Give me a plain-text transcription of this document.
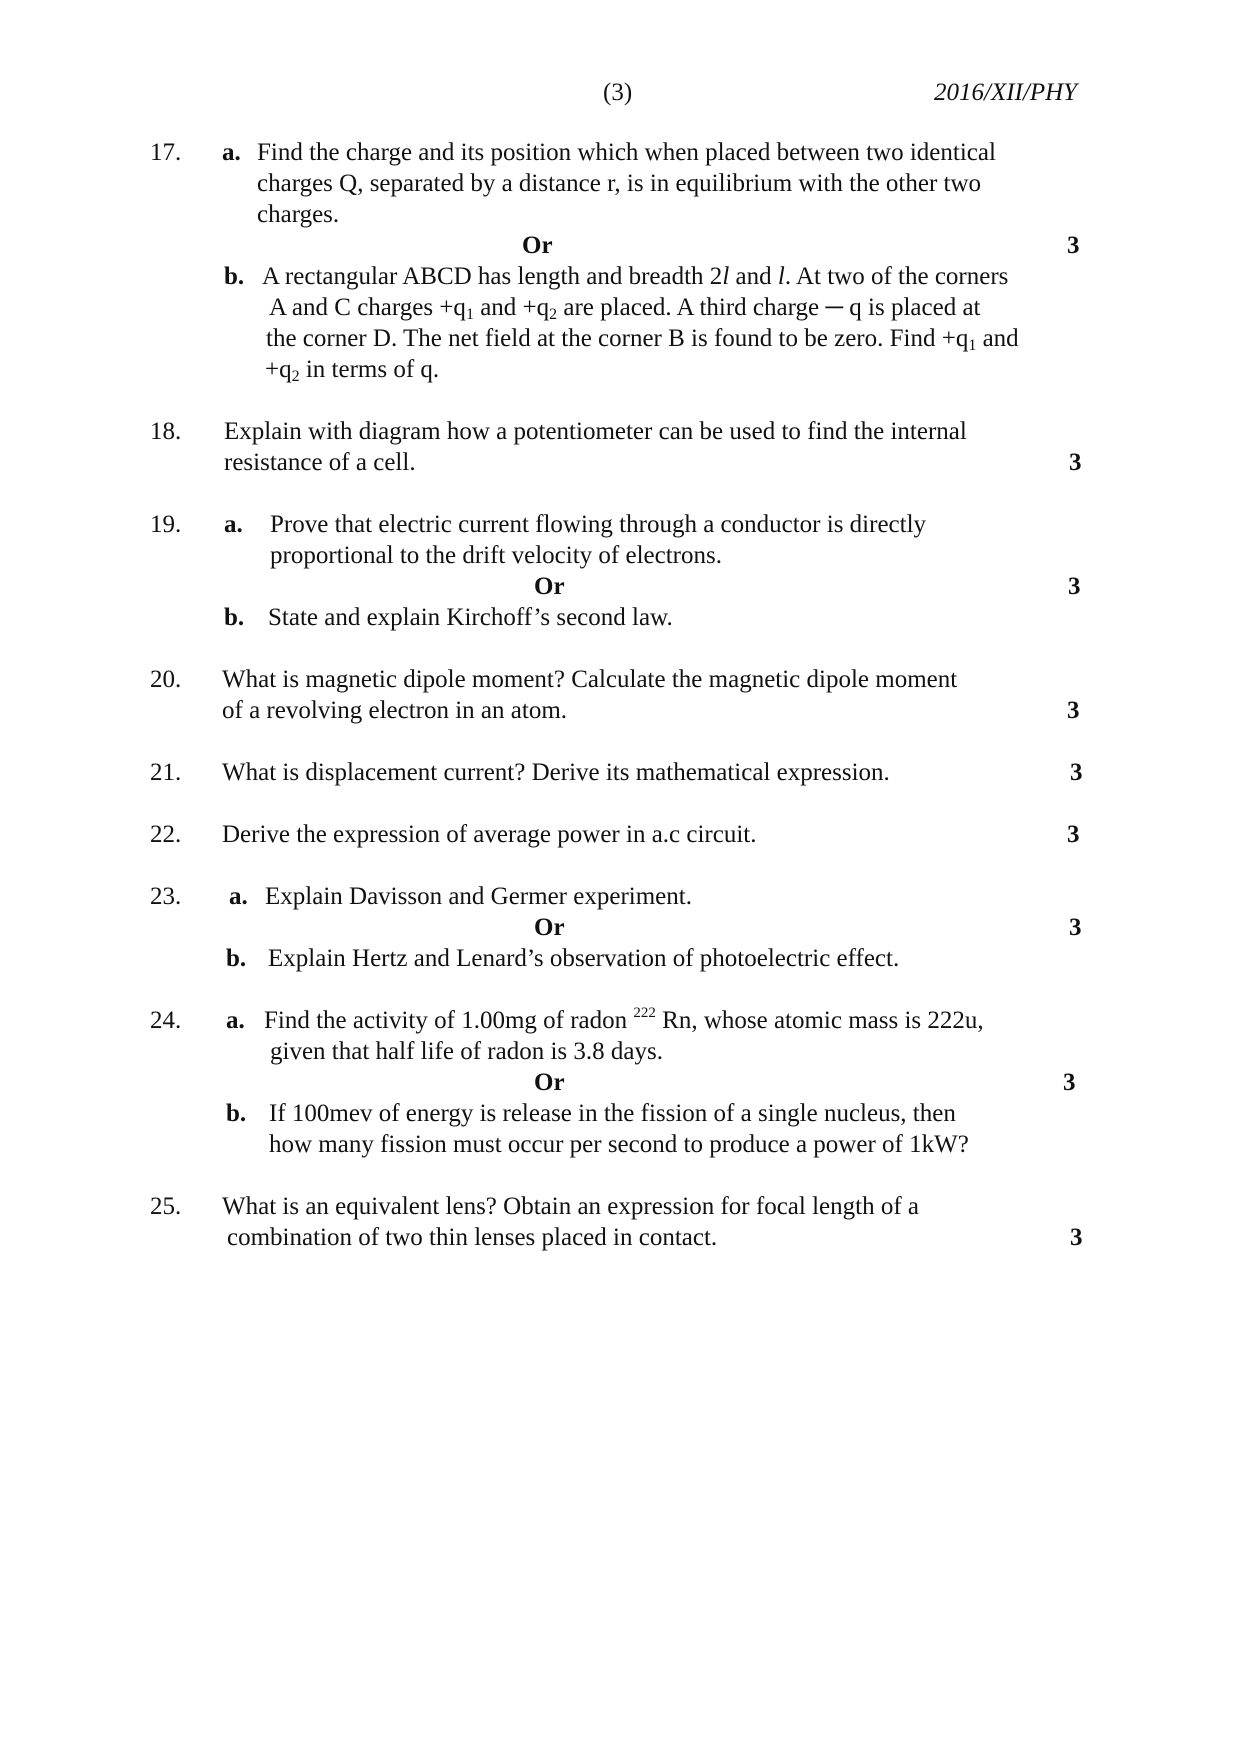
(3)	2016/XII/PHY
17. a. Find the charge and its position which when placed between two identical
charges Q, separated by a distance r, is in equilibrium with the other two
charges.
Or	3
b. A rectangular ABCD has length and breadth 2l and l. At two of the corners
A and C charges $+q_1$ and $+q_2$ are placed. A third charge ─ q is placed at
the corner D. The net field at the corner B is found to be zero. Find $+q_1$ and
$+q_2$ in terms of q.
18. Explain with diagram how a potentiometer can be used to find the internal
resistance of a cell.	3
19. a. Prove that electric current flowing through a conductor is directly
proportional to the drift velocity of electrons.
Or	3
b. State and explain Kirchoff’s second law.
20. What is magnetic dipole moment? Calculate the magnetic dipole moment
of a revolving electron in an atom.	3
21. What is displacement current? Derive its mathematical expression.	3
22. Derive the expression of average power in a.c circuit.	3
23. a. Explain Davisson and Germer experiment.
Or	3
b. Explain Hertz and Lenard’s observation of photoelectric effect.
24. a. Find the activity of 1.00mg of radon $^{222}$ Rn, whose atomic mass is 222u,
given that half life of radon is 3.8 days.
Or	3
b. If 100mev of energy is release in the fission of a single nucleus, then
how many fission must occur per second to produce a power of 1kW?
25. What is an equivalent lens? Obtain an expression for focal length of a
combination of two thin lenses placed in contact.	3
